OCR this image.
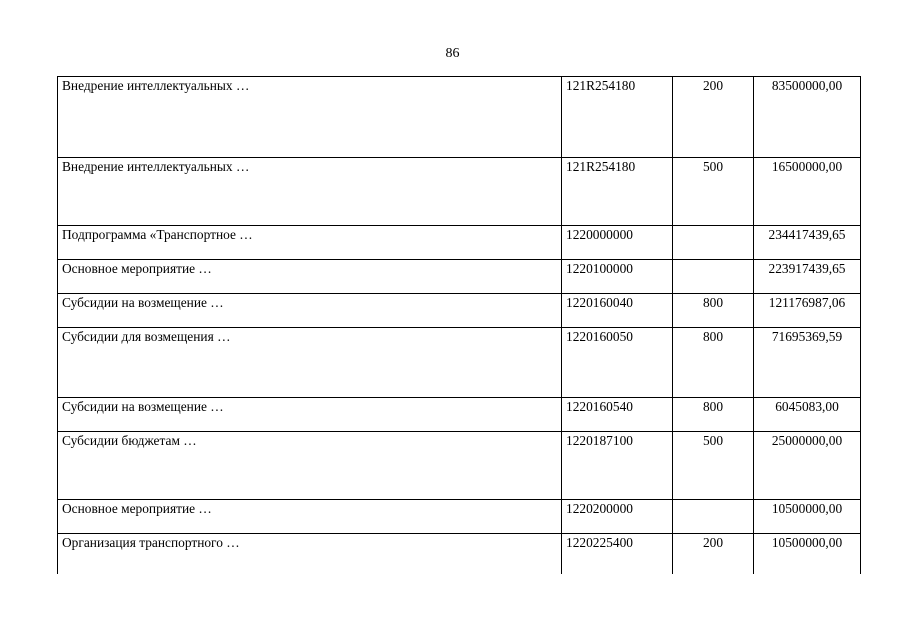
86
Внедрение интеллектуальных …	121R254180	200	83500000,00
Внедрение интеллектуальных …	121R254180	500	16500000,00
Подпрограмма «Транспортное …	1220000000		234417439,65
Основное мероприятие …	1220100000		223917439,65
Субсидии на возмещение …	1220160040	800	121176987,06
Субсидии для возмещения …	1220160050	800	71695369,59
Субсидии на возмещение …	1220160540	800	6045083,00
Субсидии бюджетам …	1220187100	500	25000000,00
Основное мероприятие …	1220200000		10500000,00
Организация транспортного …	1220225400	200	10500000,00
